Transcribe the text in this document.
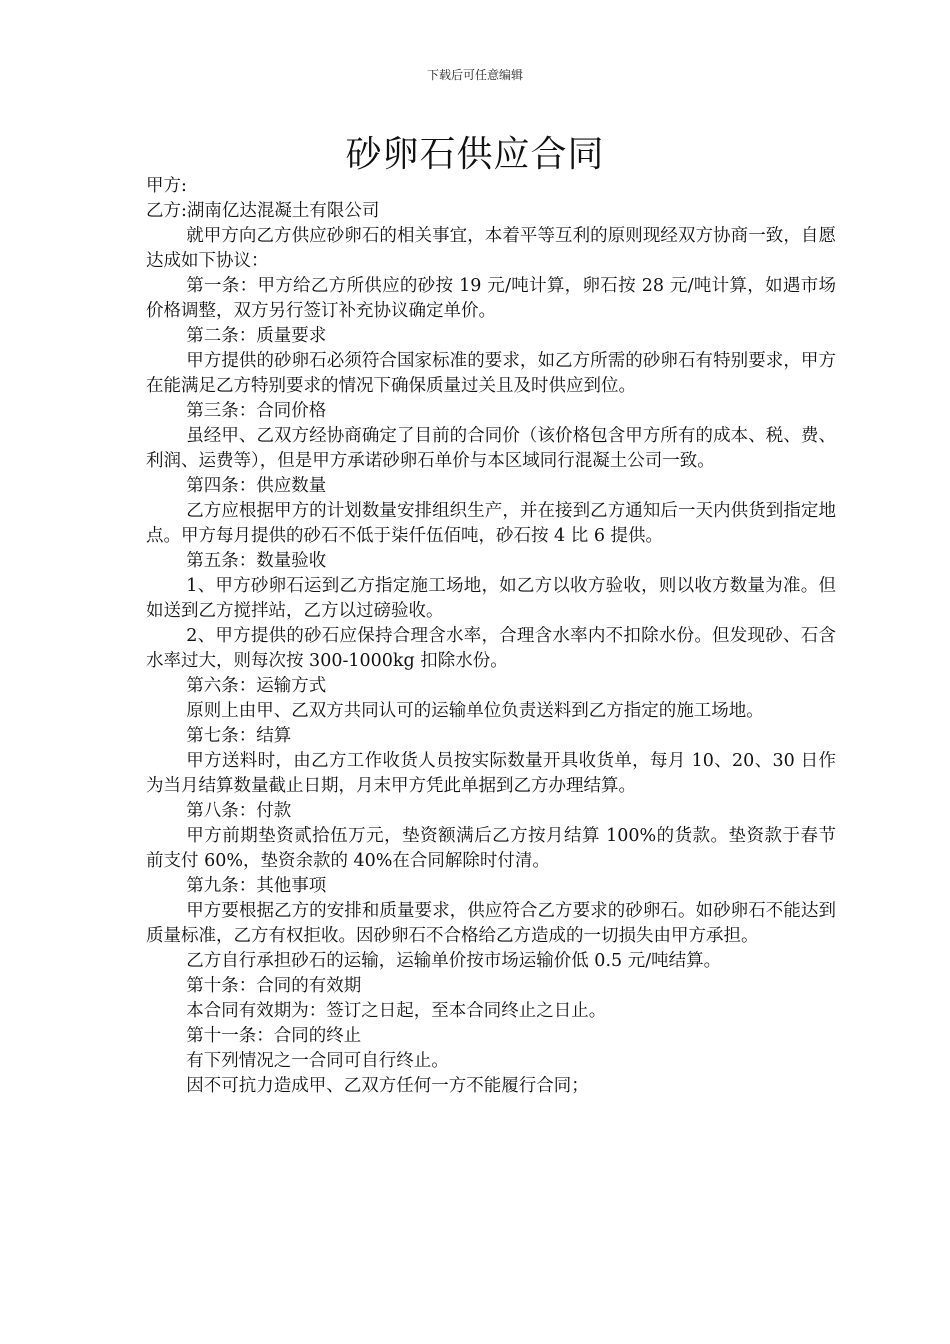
下载后可任意编辑
砂卵石供应合同

甲方:

乙方:湖南亿达混凝土有限公司

就甲方向乙方供应砂卵石的相关事宜，本着平等互利的原则现经双方协商一致，自愿达成如下协议：

第一条：甲方给乙方所供应的砂按 19 元/吨计算，卵石按 28 元/吨计算，如遇市场价格调整，双方另行签订补充协议确定单价。

第二条：质量要求

甲方提供的砂卵石必须符合国家标准的要求，如乙方所需的砂卵石有特别要求，甲方在能满足乙方特别要求的情况下确保质量过关且及时供应到位。

第三条：合同价格

虽经甲、乙双方经协商确定了目前的合同价（该价格包含甲方所有的成本、税、费、利润、运费等），但是甲方承诺砂卵石单价与本区域同行混凝土公司一致。

第四条：供应数量

乙方应根据甲方的计划数量安排组织生产，并在接到乙方通知后一天内供货到指定地点。甲方每月提供的砂石不低于柒仟伍佰吨，砂石按 4 比 6 提供。

第五条：数量验收

1、甲方砂卵石运到乙方指定施工场地，如乙方以收方验收，则以收方数量为准。但如送到乙方搅拌站，乙方以过磅验收。

2、甲方提供的砂石应保持合理含水率，合理含水率内不扣除水份。但发现砂、石含水率过大，则每次按 300-1000kg 扣除水份。

第六条：运输方式

原则上由甲、乙双方共同认可的运输单位负责送料到乙方指定的施工场地。

第七条：结算

甲方送料时，由乙方工作收货人员按实际数量开具收货单，每月 10、20、30 日作为当月结算数量截止日期，月末甲方凭此单据到乙方办理结算。

第八条：付款

甲方前期垫资贰拾伍万元，垫资额满后乙方按月结算 100%的货款。垫资款于春节前支付 60%，垫资余款的 40%在合同解除时付清。

第九条：其他事项

甲方要根据乙方的安排和质量要求，供应符合乙方要求的砂卵石。如砂卵石不能达到质量标准，乙方有权拒收。因砂卵石不合格给乙方造成的一切损失由甲方承担。

乙方自行承担砂石的运输，运输单价按市场运输价低 0.5 元/吨结算。

第十条：合同的有效期

本合同有效期为：签订之日起，至本合同终止之日止。

第十一条：合同的终止

有下列情况之一合同可自行终止。

因不可抗力造成甲、乙双方任何一方不能履行合同；
